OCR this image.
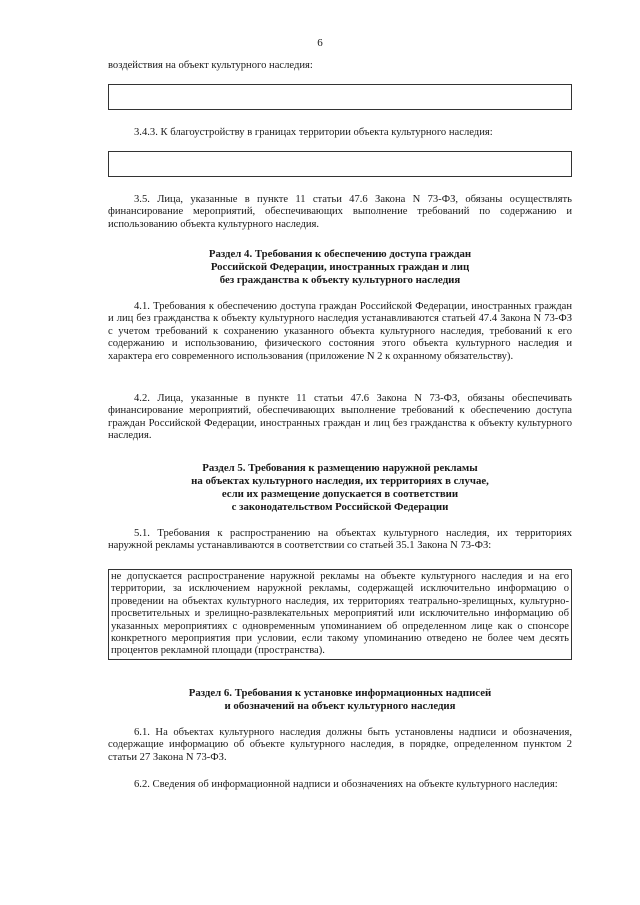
6
воздействия на объект культурного наследия:
3.4.3. К благоустройству в границах территории объекта культурного наследия:
3.5. Лица, указанные в пункте 11 статьи 47.6 Закона N 73-ФЗ, обязаны осуществлять финансирование мероприятий, обеспечивающих выполнение требований по содержанию и использованию объекта культурного наследия.
Раздел 4. Требования к обеспечению доступа граждан
Российской Федерации, иностранных граждан и лиц
без гражданства к объекту культурного наследия
4.1. Требования к обеспечению доступа граждан Российской Федерации, иностранных граждан и лиц без гражданства к объекту культурного наследия устанавливаются статьей 47.4 Закона N 73-ФЗ с учетом требований к сохранению указанного объекта культурного наследия, требований к его содержанию и использованию, физического состояния этого объекта культурного наследия и характера его современного использования (приложение N 2 к охранному обязательству).
4.2. Лица, указанные в пункте 11 статьи 47.6 Закона N 73-ФЗ, обязаны обеспечивать финансирование мероприятий, обеспечивающих выполнение требований к обеспечению доступа граждан Российской Федерации, иностранных граждан и лиц без гражданства к объекту культурного наследия.
Раздел 5. Требования к размещению наружной рекламы
на объектах культурного наследия, их территориях в случае,
если их размещение допускается в соответствии
с законодательством Российской Федерации
5.1. Требования к распространению на объектах культурного наследия, их территориях наружной рекламы устанавливаются в соответствии со статьей 35.1 Закона N 73-ФЗ:
не допускается распространение наружной рекламы на объекте культурного наследия и на его территории, за исключением наружной рекламы, содержащей исключительно информацию о проведении на объектах культурного наследия, их территориях театрально-зрелищных, культурно-просветительных и зрелищно-развлекательных мероприятий или исключительно информацию об указанных мероприятиях с одновременным упоминанием об определенном лице как о спонсоре конкретного мероприятия при условии, если такому упоминанию отведено не более чем десять процентов рекламной площади (пространства).
Раздел 6. Требования к установке информационных надписей
и обозначений на объект культурного наследия
6.1. На объектах культурного наследия должны быть установлены надписи и обозначения, содержащие информацию об объекте культурного наследия, в порядке, определенном пунктом 2 статьи 27 Закона N 73-ФЗ.
6.2. Сведения об информационной надписи и обозначениях на объекте культурного наследия:
